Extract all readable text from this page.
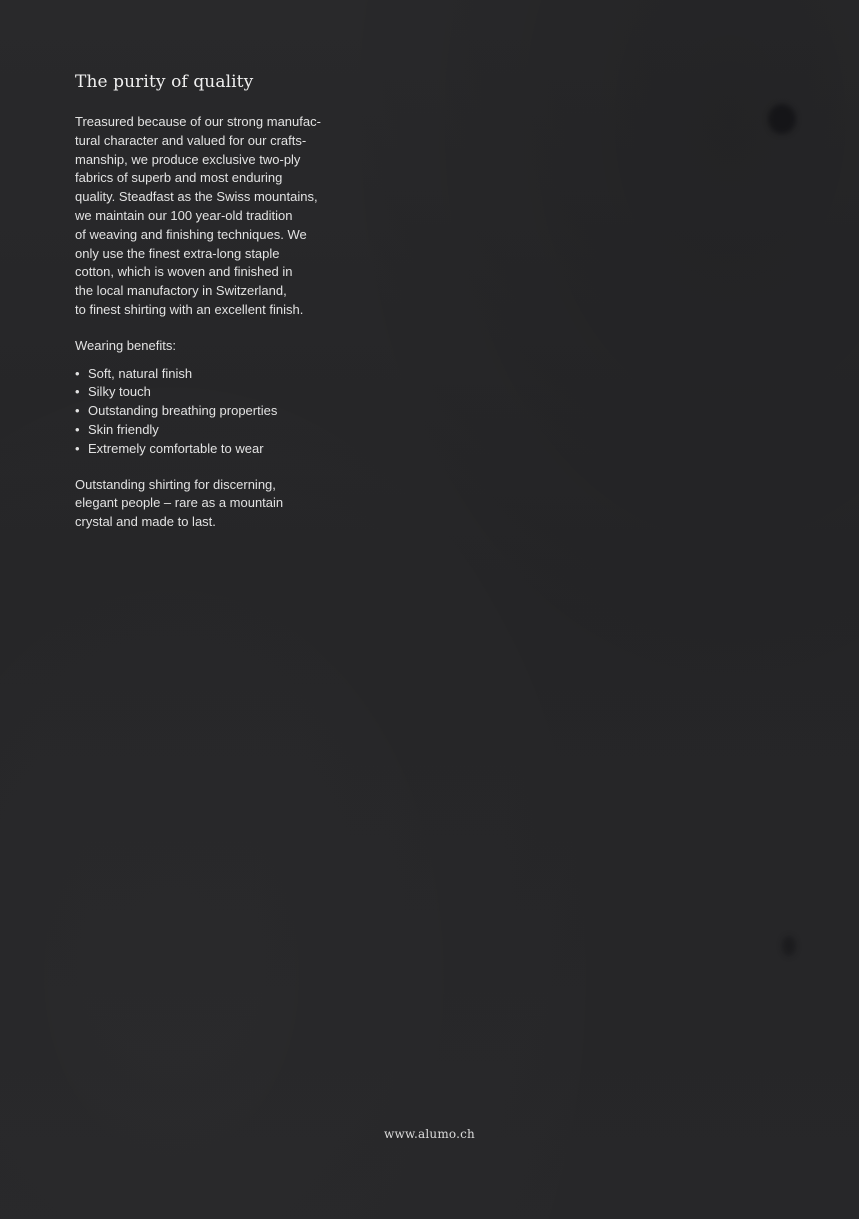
The purity of quality
Treasured because of our strong manufac-
tural character and valued for our crafts-
manship, we produce exclusive two-ply
fabrics of superb and most enduring
quality. Steadfast as the Swiss mountains,
we maintain our 100 year-old tradition
of weaving and finishing techniques. We
only use the finest extra-long staple
cotton, which is woven and finished in
the local manufactory in Switzerland,
to finest shirting with an excellent finish.
Wearing benefits:
• Soft, natural finish
• Silky touch
• Outstanding breathing properties
• Skin friendly
• Extremely comfortable to wear
Outstanding shirting for discerning,
elegant people – rare as a mountain
crystal and made to last.
www.alumo.ch
